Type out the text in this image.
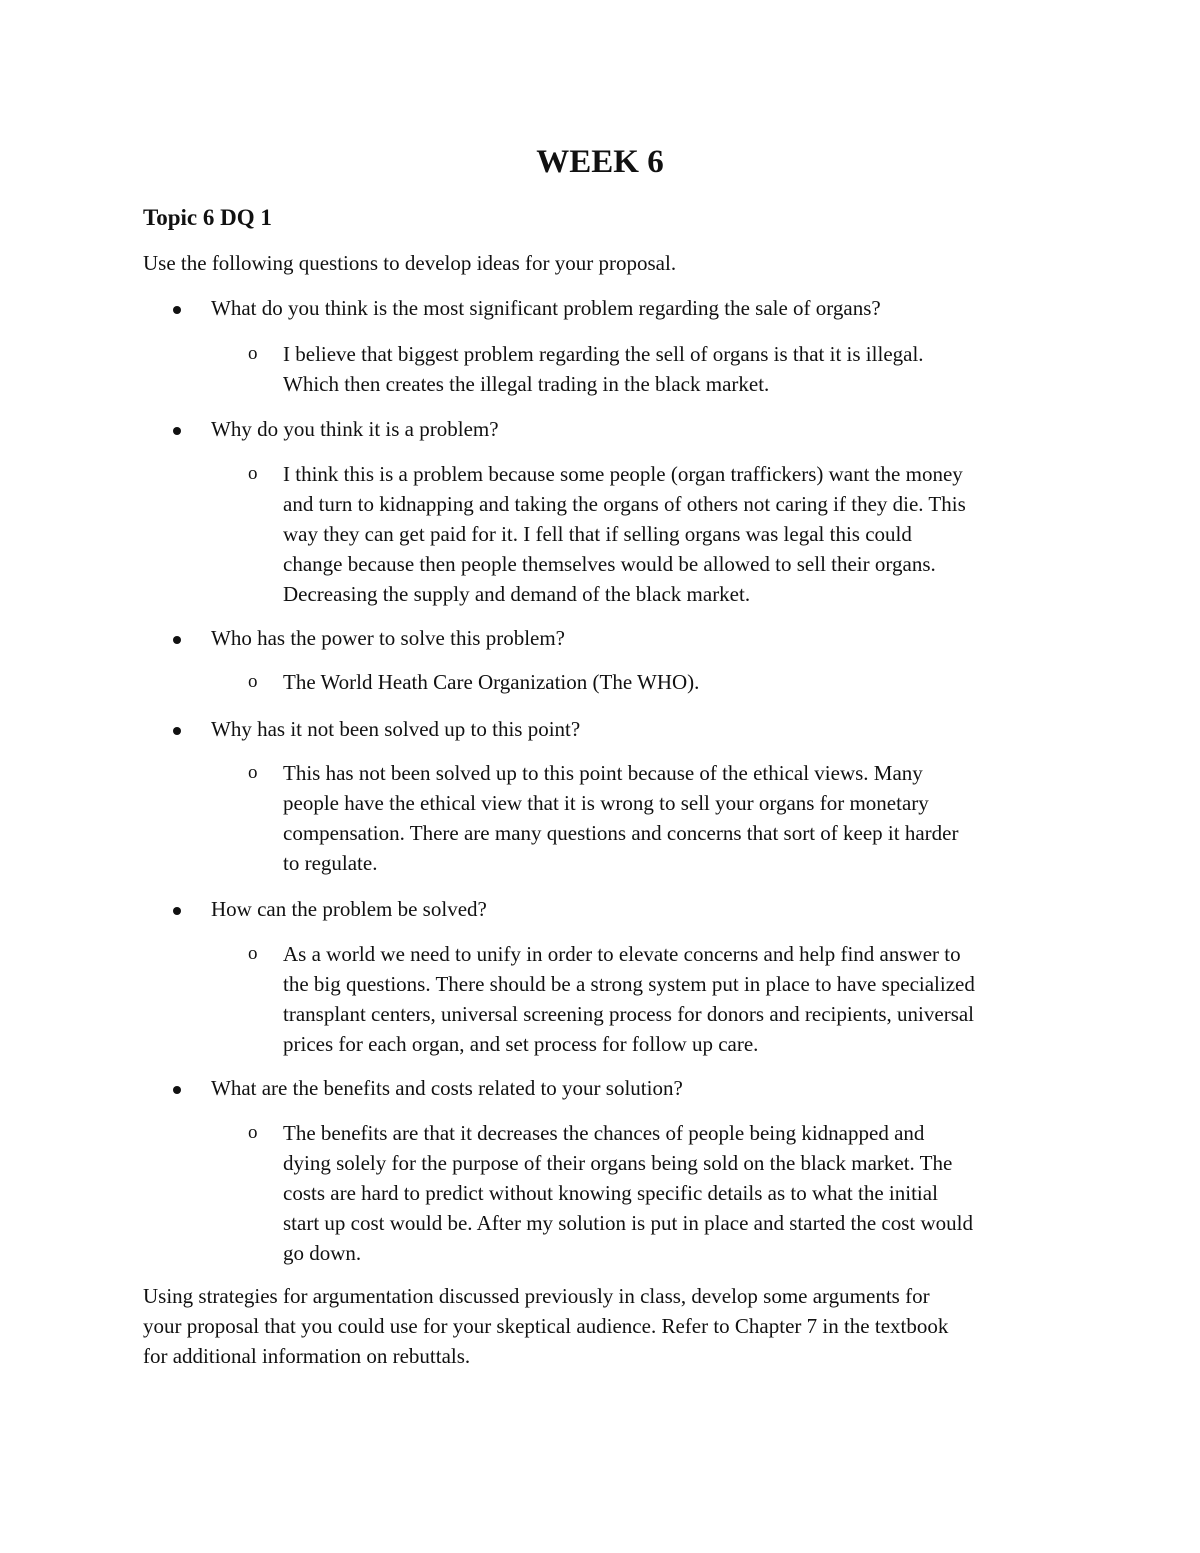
WEEK 6
Topic 6 DQ 1

Use the following questions to develop ideas for your proposal.

What do you think is the most significant problem regarding the sale of organs?

o I believe that biggest problem regarding the sell of organs is that it is illegal.
Which then creates the illegal trading in the black market.

Why do you think it is a problem?

o I think this is a problem because some people (organ traffickers) want the money
and turn to kidnapping and taking the organs of others not caring if they die. This
way they can get paid for it. I fell that if selling organs was legal this could
change because then people themselves would be allowed to sell their organs.
Decreasing the supply and demand of the black market.

Who has the power to solve this problem?

o The World Heath Care Organization (The WHO).

Why has it not been solved up to this point?

o This has not been solved up to this point because of the ethical views. Many
people have the ethical view that it is wrong to sell your organs for monetary
compensation. There are many questions and concerns that sort of keep it harder
to regulate.

How can the problem be solved?

o As a world we need to unify in order to elevate concerns and help find answer to
the big questions. There should be a strong system put in place to have specialized
transplant centers, universal screening process for donors and recipients, universal
prices for each organ, and set process for follow up care.

What are the benefits and costs related to your solution?

o The benefits are that it decreases the chances of people being kidnapped and
dying solely for the purpose of their organs being sold on the black market. The
costs are hard to predict without knowing specific details as to what the initial
start up cost would be. After my solution is put in place and started the cost would
go down.
Using strategies for argumentation discussed previously in class, develop some arguments for
your proposal that you could use for your skeptical audience. Refer to Chapter 7 in the textbook
for additional information on rebuttals.
